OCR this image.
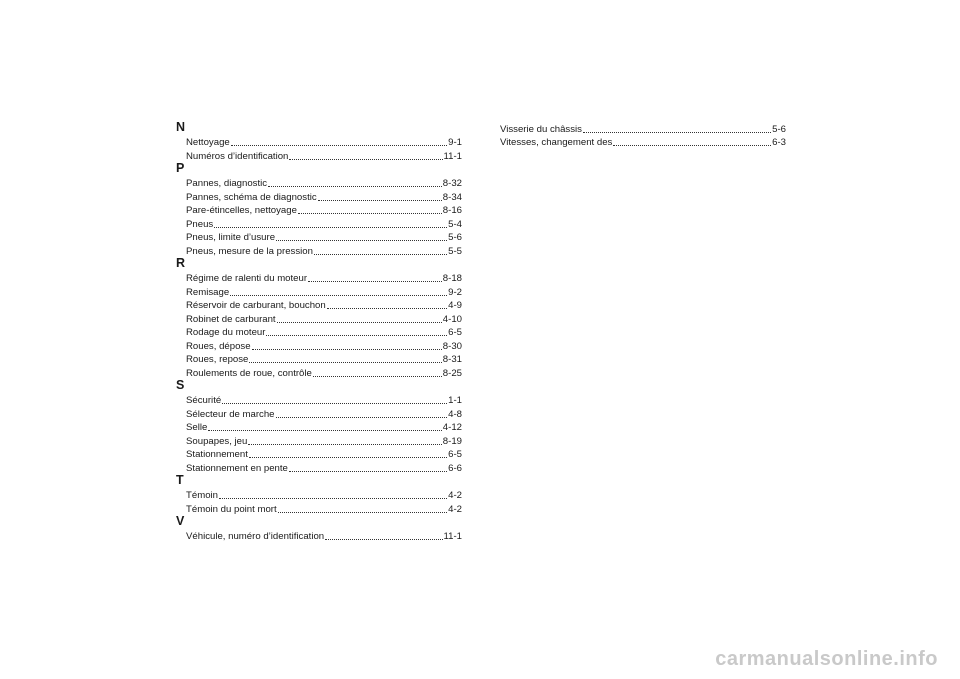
N
Nettoyage	9-1
Numéros d’identification	11-1
P
Pannes, diagnostic	8-32
Pannes, schéma de diagnostic	8-34
Pare-étincelles, nettoyage	8-16
Pneus	5-4
Pneus, limite d’usure	5-6
Pneus, mesure de la pression	5-5
R
Régime de ralenti du moteur	8-18
Remisage	9-2
Réservoir de carburant, bouchon	4-9
Robinet de carburant	4-10
Rodage du moteur	6-5
Roues, dépose	8-30
Roues, repose	8-31
Roulements de roue, contrôle	8-25
S
Sécurité	1-1
Sélecteur de marche	4-8
Selle	4-12
Soupapes, jeu	8-19
Stationnement	6-5
Stationnement en pente	6-6
T
Témoin	4-2
Témoin du point mort	4-2
V
Véhicule, numéro d’identification	11-1
Visserie du châssis	5-6
Vitesses, changement des	6-3
carmanualsonline.info
